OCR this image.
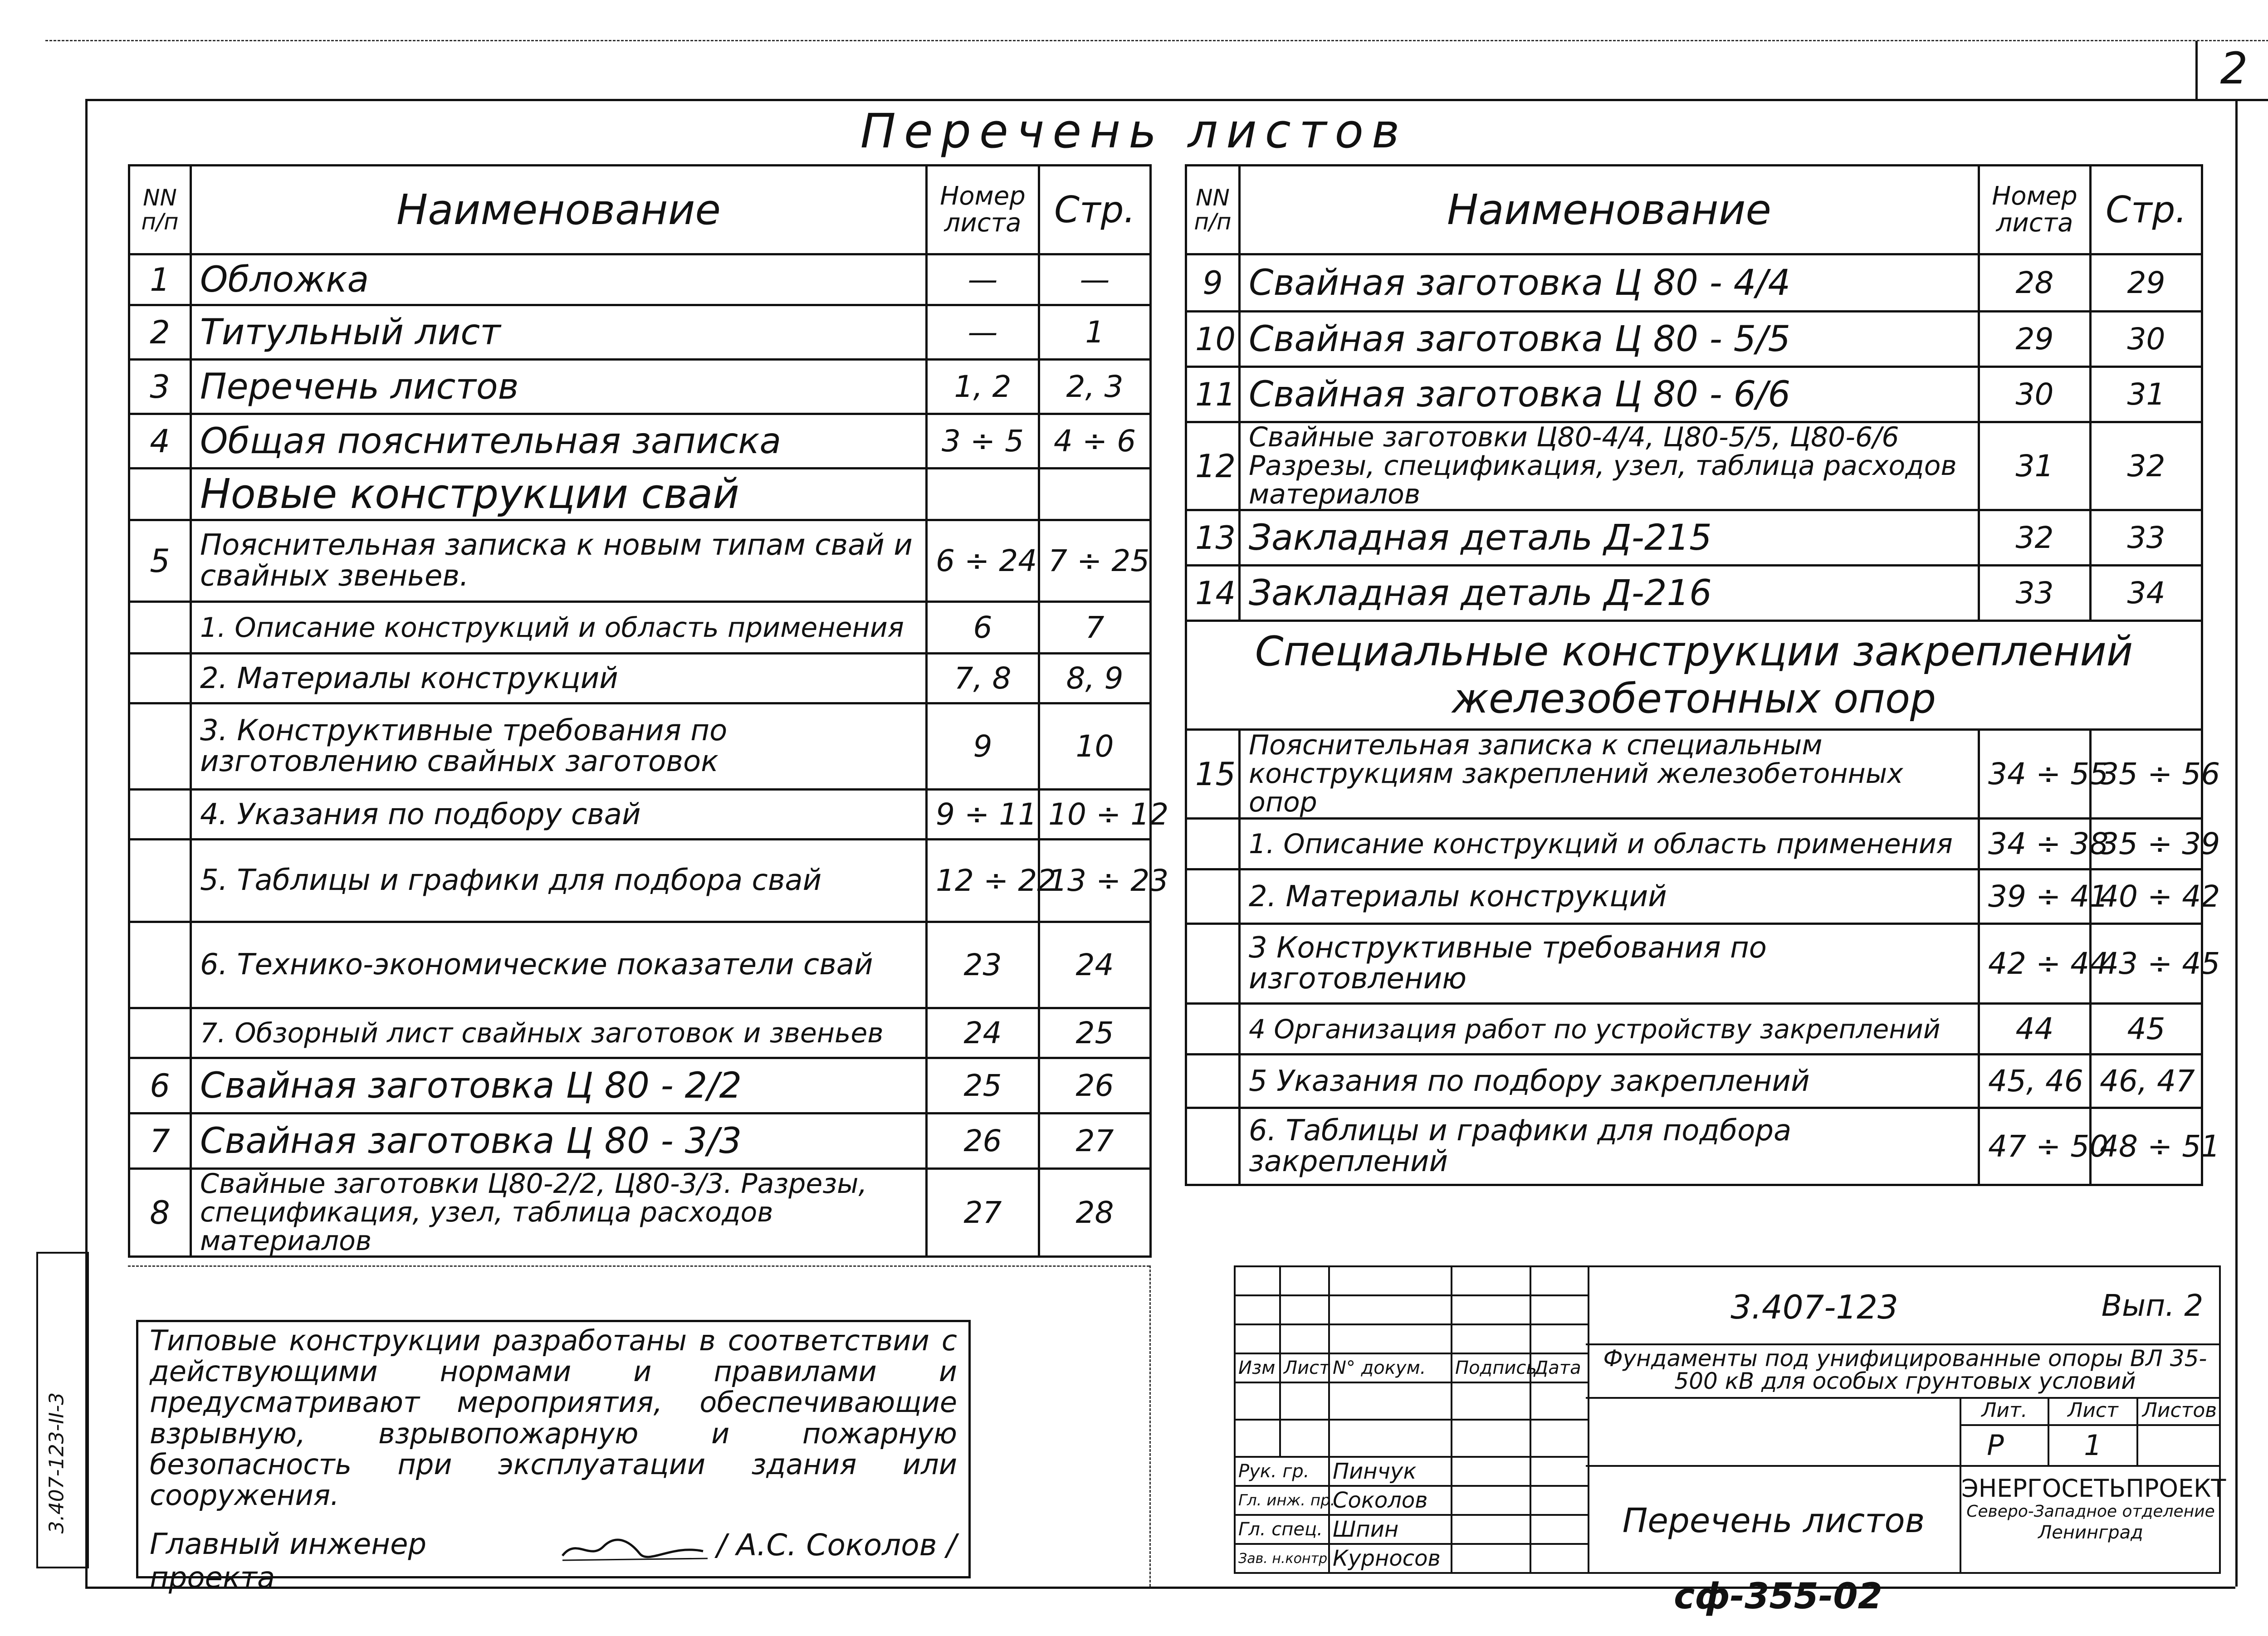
2
Перечень листов
NN п/п	Наименование	Номер листа	Стр.
1	Обложка	—	—
2	Титульный лист	—	1
3	Перечень листов	1, 2	2, 3
4	Общая пояснительная записка	3 ÷ 5	4 ÷ 6
	Новые конструкции свай		
5	Пояснительная записка к новым типам свай и свайных звеньев.	6 ÷ 24	7 ÷ 25
	1. Описание конструкций и область применения	6	7
	2. Материалы конструкций	7, 8	8, 9
	3. Конструктивные требования по изготовлению свайных заготовок	9	10
	4. Указания по подбору свай	9 ÷ 11	10 ÷ 12
	5. Таблицы и графики для подбора свай	12 ÷ 22	13 ÷ 23
	6. Технико-экономические показатели свай	23	24
	7. Обзорный лист свайных заготовок и звеньев	24	25
6	Свайная заготовка Ц 80 - 2/2	25	26
7	Свайная заготовка Ц 80 - 3/3	26	27
8	Свайные заготовки Ц80-2/2, Ц80-3/3. Разрезы, спецификация, узел, таблица расходов материалов	27	28
NN п/п	Наименование	Номер листа	Стр.
9	Свайная заготовка Ц 80 - 4/4	28	29
10	Свайная заготовка Ц 80 - 5/5	29	30
11	Свайная заготовка Ц 80 - 6/6	30	31
12	Свайные заготовки Ц80-4/4, Ц80-5/5, Ц80-6/6 Разрезы, спецификация, узел, таблица расходов материалов	31	32
13	Закладная деталь Д-215	32	33
14	Закладная деталь Д-216	33	34
Специальные конструкции закреплений железобетонных опор			
15	Пояснительная записка к специальным конструкциям закреплений железобетонных опор	34 ÷ 55	35 ÷ 56
	1. Описание конструкций и область применения	34 ÷ 38	35 ÷ 39
	2. Материалы конструкций	39 ÷ 41	40 ÷ 42
	3 Конструктивные требования по изготовлению	42 ÷ 44	43 ÷ 45
	4 Организация работ по устройству закреплений	44	45
	5 Указания по подбору закреплений	45, 46	46, 47
	6. Таблицы и графики для подбора закреплений	47 ÷ 50	48 ÷ 51
Типовые конструкции разработаны в соответствии с действующими нормами и правилами и предусматривают мероприятия, обеспечивающие взрывную, взрывопожарную и пожарную безопасность при эксплуатации здания или сооружения.
Главный инженер проекта
/ А.С. Соколов /
3.407-123-II-3

Изм	Лист	N° докум.	Подпись	Дата

Рук. гр.		Пинчук		
Гл. инж. пр.		Соколов		
Гл. спец.		Шпин		
Зав. н.контр.		Курносов		
3.407-123	Вып. 2
Фундаменты под унифицированные опоры ВЛ 35-500 кВ для особых грунтовых условий
Лит.	Лист	Листов
Р	1
Перечень листов
ЭНЕРГОСЕТЬПРОЕКТ
Северо-Западное отделение
Ленинград
сф-355-02
